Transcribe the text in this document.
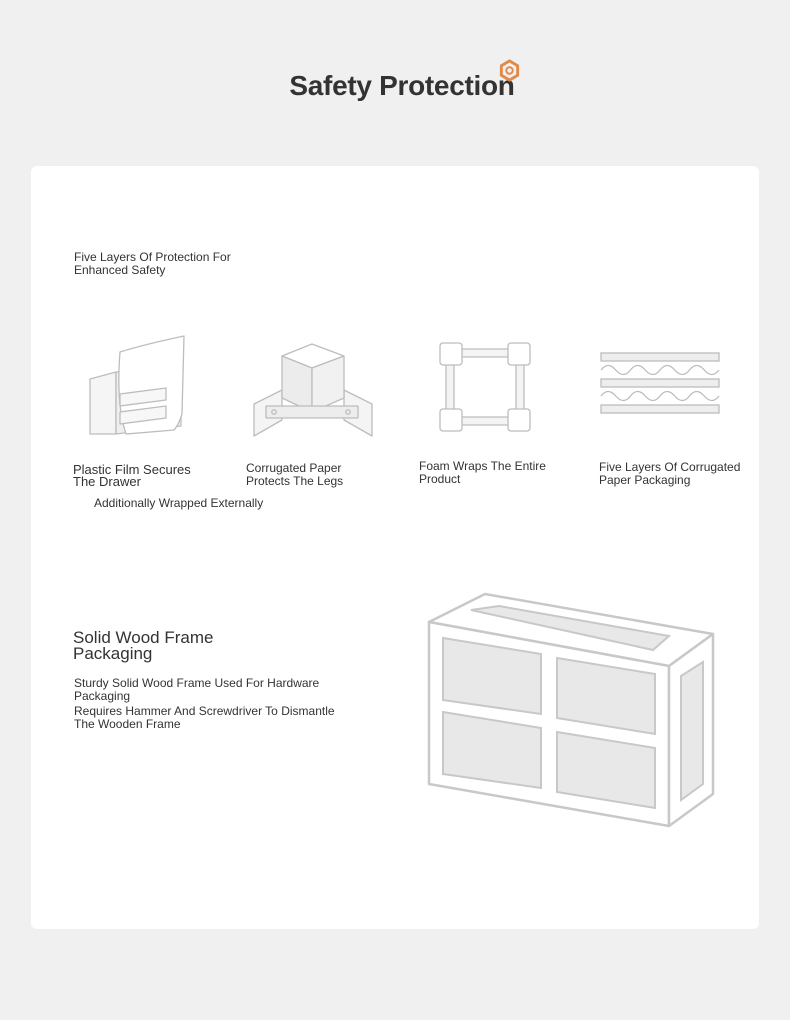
Safety Protection
Five Layers Of Protection For Enhanced Safety
Plastic Film Secures The Drawer
Corrugated Paper Protects The Legs
Foam Wraps The Entire Product
Five Layers Of Corrugated Paper Packaging
Additionally Wrapped Externally
Solid Wood Frame Packaging

Sturdy Solid Wood Frame Used For Hardware Packaging

Requires Hammer And Screwdriver To Dismantle The Wooden Frame
